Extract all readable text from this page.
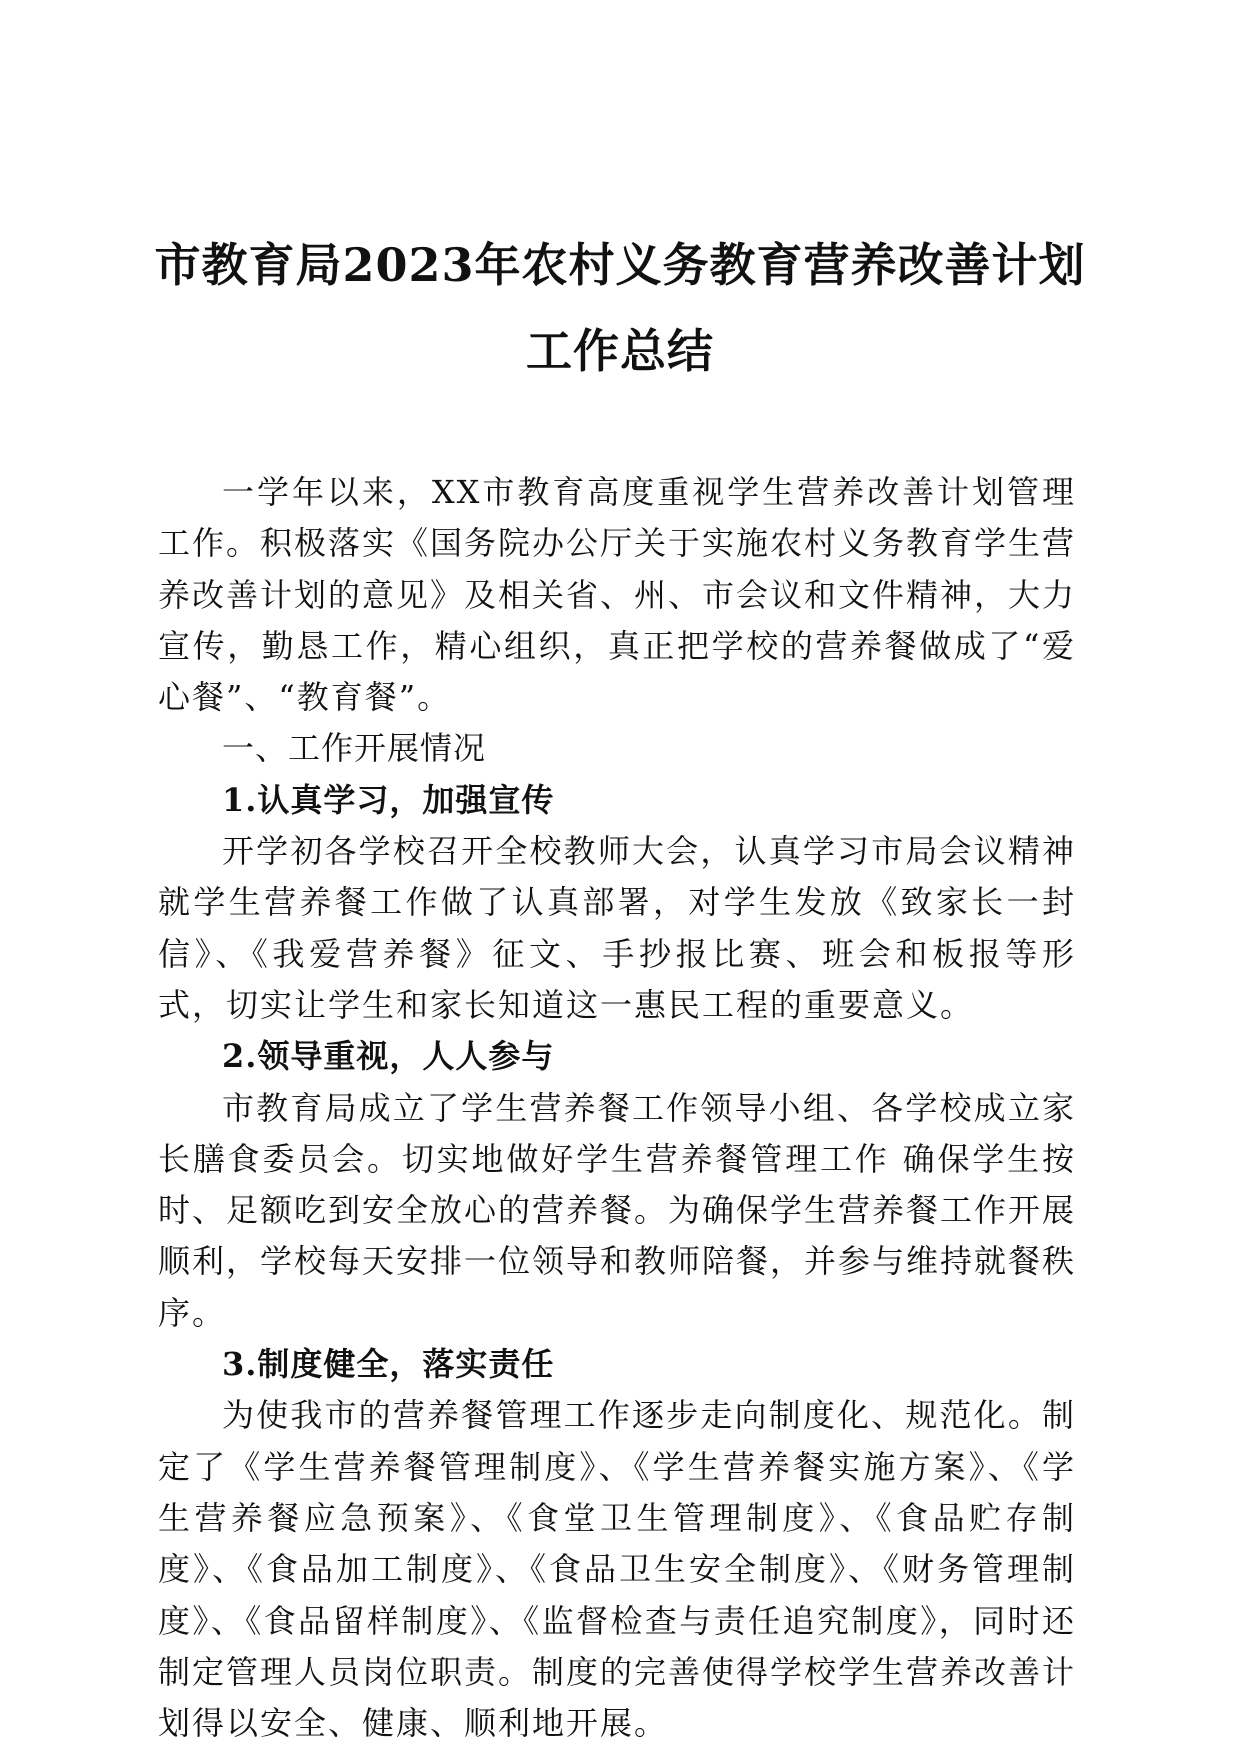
市教育局2023年农村义务教育营养改善计划
工作总结

一学年以来，XX市教育高度重视学生营养改善计划管理工作。积极落实《国务院办公厅关于实施农村义务教育学生营养改善计划的意见》及相关省、州、市会议和文件精神，大力宣传，勤恳工作，精心组织，真正把学校的营养餐做成了“爱心餐”、“教育餐”。

一、工作开展情况

1.认真学习，加强宣传

开学初各学校召开全校教师大会，认真学习市局会议精神就学生营养餐工作做了认真部署，对学生发放《致家长一封信》、《我爱营养餐》征文、手抄报比赛、班会和板报等形式，切实让学生和家长知道这一惠民工程的重要意义。

2.领导重视，人人参与

市教育局成立了学生营养餐工作领导小组、各学校成立家长膳食委员会。切实地做好学生营养餐管理工作 确保学生按时、足额吃到安全放心的营养餐。为确保学生营养餐工作开展顺利，学校每天安排一位领导和教师陪餐，并参与维持就餐秩序。

3.制度健全，落实责任

为使我市的营养餐管理工作逐步走向制度化、规范化。制定了《学生营养餐管理制度》、《学生营养餐实施方案》、《学生营养餐应急预案》、《食堂卫生管理制度》、《食品贮存制度》、《食品加工制度》、《食品卫生安全制度》、《财务管理制度》、《食品留样制度》、《监督检查与责任追究制度》，同时还制定管理人员岗位职责。制度的完善使得学校学生营养改善计划得以安全、健康、顺利地开展。
